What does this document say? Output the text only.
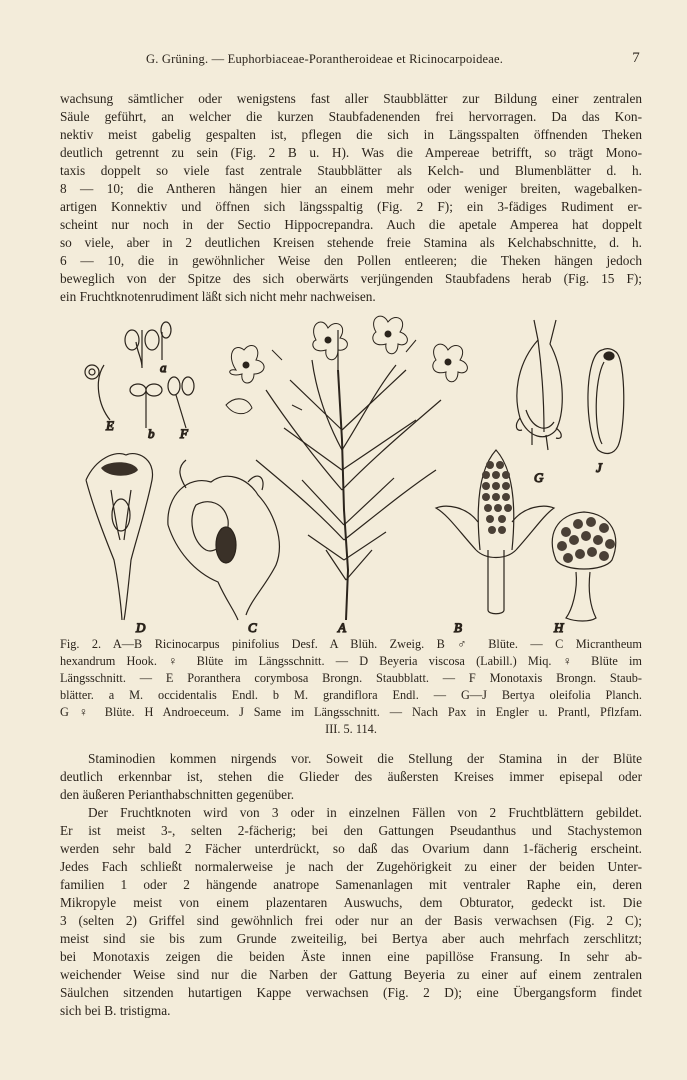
G. Grüning. — Euphorbiaceae-Porantheroideae et Ricinocarpoideae.	7
wachsung sämtlicher oder wenigstens fast aller Staubblätter zur Bildung einer zentralen
Säule geführt, an welcher die kurzen Staubfadenenden frei hervorragen. Da das Kon-
nektiv meist gabelig gespalten ist, pflegen die sich in Längsspalten öffnenden Theken
deutlich getrennt zu sein (Fig. 2 B u. H). Was die Ampereae betrifft, so trägt Mono-
taxis doppelt so viele fast zentrale Staubblätter als Kelch- und Blumenblätter d. h.
8 — 10; die Antheren hängen hier an einem mehr oder weniger breiten, wagebalken-
artigen Konnektiv und öffnen sich längsspaltig (Fig. 2 F); ein 3-fädiges Rudiment er-
scheint nur noch in der Sectio Hippocrepandra. Auch die apetale Amperea hat doppelt
so viele, aber in 2 deutlichen Kreisen stehende freie Stamina als Kelchabschnitte, d. h.
6 — 10, die in gewöhnlicher Weise den Pollen entleeren; die Theken hängen jedoch
beweglich von der Spitze des sich oberwärts verjüngenden Staubfadens herab (Fig. 15 F);
ein Fruchtknotenrudiment läßt sich nicht mehr nachweisen.
E
b F
a
D	C	A	B	H
G
J
Fig. 2. A—B Ricinocarpus pinifolius Desf. A Blüh. Zweig. B ♂ Blüte. — C Micrantheum
hexandrum Hook. ♀ Blüte im Längsschnitt. — D Beyeria viscosa (Labill.) Miq. ♀ Blüte im
Längsschnitt. — E Poranthera corymbosa Brongn. Staubblatt. — F Monotaxis Brongn. Staub-
blätter. a M. occidentalis Endl. b M. grandiflora Endl. — G—J Bertya oleifolia Planch.
G ♀ Blüte. H Androeceum. J Same im Längsschnitt. — Nach Pax in Engler u. Prantl, Pflzfam.
III. 5. 114.
Staminodien kommen nirgends vor. Soweit die Stellung der Stamina in der Blüte
deutlich erkennbar ist, stehen die Glieder des äußersten Kreises immer episepal oder
den äußeren Perianthabschnitten gegenüber.
Der Fruchtknoten wird von 3 oder in einzelnen Fällen von 2 Fruchtblättern gebildet.
Er ist meist 3-, selten 2-fächerig; bei den Gattungen Pseudanthus und Stachystemon
werden sehr bald 2 Fächer unterdrückt, so daß das Ovarium dann 1-fächerig erscheint.
Jedes Fach schließt normalerweise je nach der Zugehörigkeit zu einer der beiden Unter-
familien 1 oder 2 hängende anatrope Samenanlagen mit ventraler Raphe ein, deren
Mikropyle meist von einem plazentaren Auswuchs, dem Obturator, gedeckt ist. Die
3 (selten 2) Griffel sind gewöhnlich frei oder nur an der Basis verwachsen (Fig. 2 C);
meist sind sie bis zum Grunde zweiteilig, bei Bertya aber auch mehrfach zerschlitzt;
bei Monotaxis zeigen die beiden Äste innen eine papillöse Fransung. In sehr ab-
weichender Weise sind nur die Narben der Gattung Beyeria zu einer auf einem zentralen
Säulchen sitzenden hutartigen Kappe verwachsen (Fig. 2 D); eine Übergangsform findet
sich bei B. tristigma.
